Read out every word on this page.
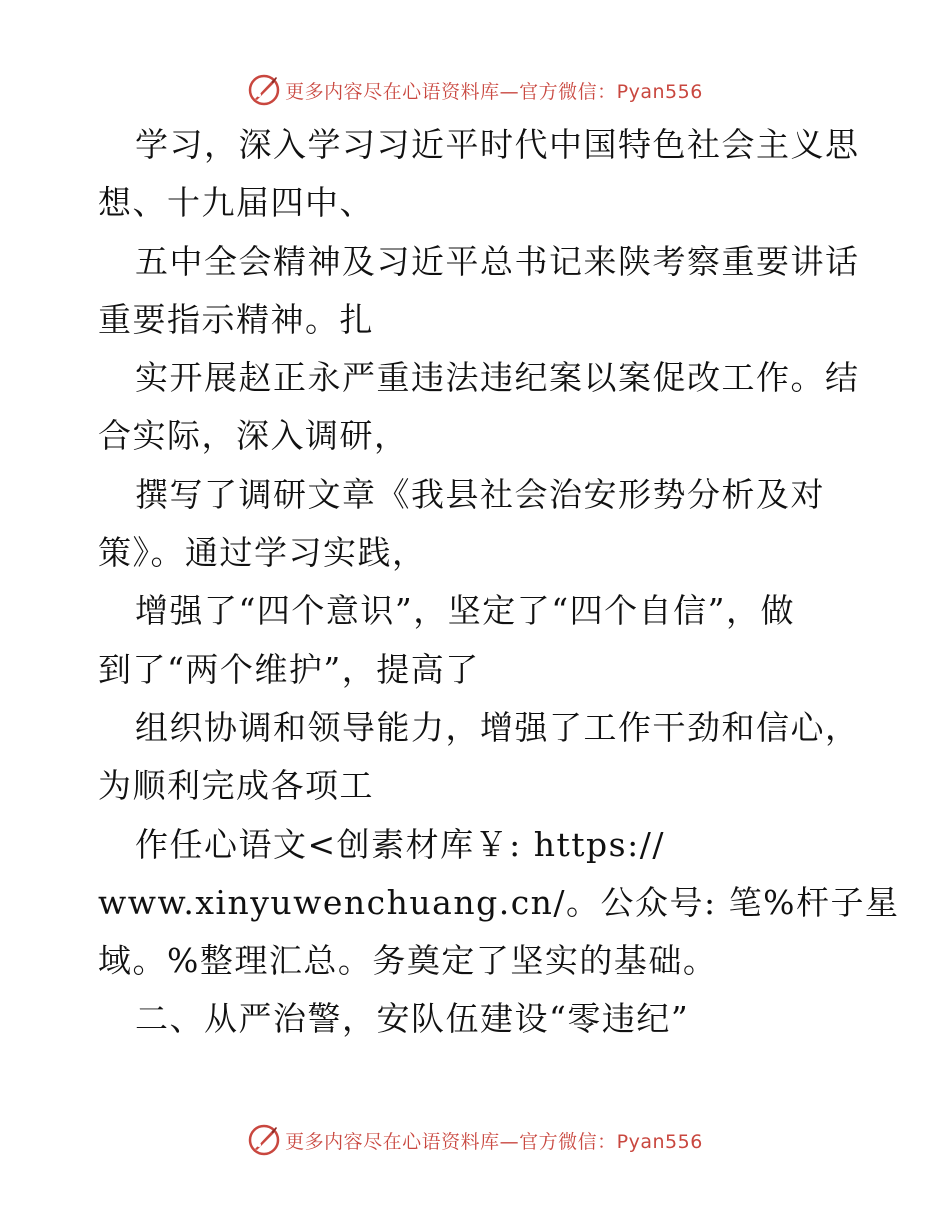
更多内容尽在心语资料库—官方微信：Pyan556
学习，深入学习习近平时代中国特色社会主义思
想、十九届四中、
五中全会精神及习近平总书记来陕考察重要讲话
重要指示精神。扎
实开展赵正永严重违法违纪案以案促改工作。结
合实际，深入调研，
撰写了调研文章《我县社会治安形势分析及对
策》。通过学习实践，
增强了“四个意识”，坚定了“四个自信”，做
到了“两个维护”，提高了
组织协调和领导能力，增强了工作干劲和信心，
为顺利完成各项工
作任心语文<创素材库￥: https://
www.xinyuwenchuang.cn/。公众号: 笔%杆子星
域。%整理汇总。务奠定了坚实的基础。
二、从严治警，安队伍建设“零违纪”
更多内容尽在心语资料库—官方微信：Pyan556
